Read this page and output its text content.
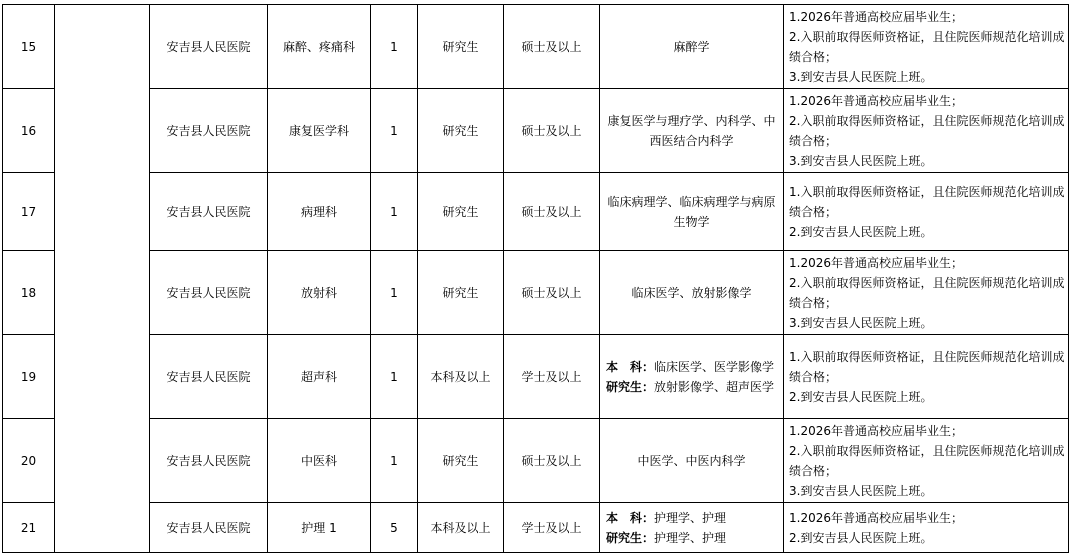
15		安吉县人民医院	麻醉、疼痛科	1	研究生	硕士及以上	麻醉学	1.2026年普通高校应届毕业生；
2.入职前取得医师资格证，且住院医师规范化培训成绩合格；
3.到安吉县人民医院上班。

16		安吉县人民医院	康复医学科	1	研究生	硕士及以上	康复医学与理疗学、内科学、中西医结合内科学	1.2026年普通高校应届毕业生；
2.入职前取得医师资格证，且住院医师规范化培训成绩合格；
3.到安吉县人民医院上班。

17		安吉县人民医院	病理科	1	研究生	硕士及以上	临床病理学、临床病理学与病原生物学	1.入职前取得医师资格证，且住院医师规范化培训成绩合格；
2.到安吉县人民医院上班。

18		安吉县人民医院	放射科	1	研究生	硕士及以上	临床医学、放射影像学	1.2026年普通高校应届毕业生；
2.入职前取得医师资格证，且住院医师规范化培训成绩合格；
3.到安吉县人民医院上班。

19		安吉县人民医院	超声科	1	本科及以上	学士及以上	本　科：临床医学、医学影像学
研究生：放射影像学、超声医学	1.入职前取得医师资格证，且住院医师规范化培训成绩合格；
2.到安吉县人民医院上班。

20		安吉县人民医院	中医科	1	研究生	硕士及以上	中医学、中医内科学	1.2026年普通高校应届毕业生；
2.入职前取得医师资格证，且住院医师规范化培训成绩合格；
3.到安吉县人民医院上班。

21		安吉县人民医院	护理 1	5	本科及以上	学士及以上	本　科：护理学、护理
研究生：护理学、护理	1.2026年普通高校应届毕业生；
2.到安吉县人民医院上班。
